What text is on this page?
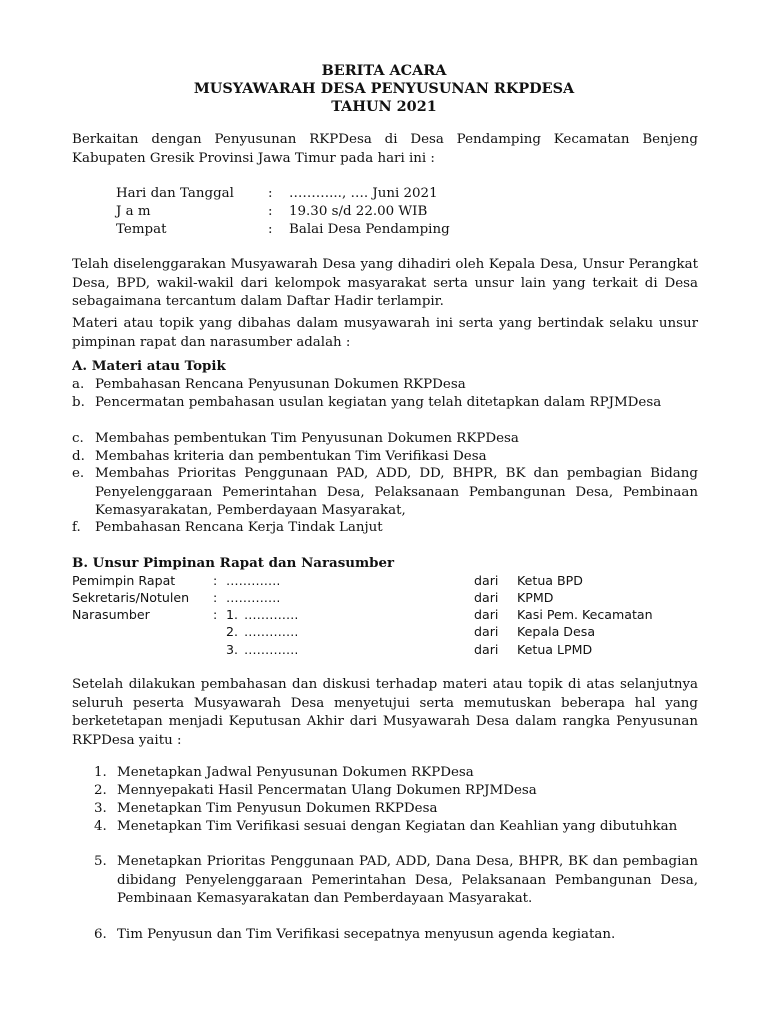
BERITA ACARA
MUSYAWARAH DESA PENYUSUNAN RKPDESA
TAHUN 2021

Berkaitan dengan Penyusunan RKPDesa di Desa Pendamping Kecamatan Benjeng Kabupaten Gresik Provinsi Jawa Timur pada hari ini :

Hari dan Tanggal	: ………..., …. Juni 2021
J a m	: 19.30 s/d 22.00 WIB
Tempat	: Balai Desa Pendamping

Telah diselenggarakan Musyawarah Desa yang dihadiri oleh Kepala Desa, Unsur Perangkat Desa, BPD, wakil-wakil dari kelompok masyarakat serta unsur lain yang terkait di Desa sebagaimana tercantum dalam Daftar Hadir terlampir.

Materi atau topik yang dibahas dalam musyawarah ini serta yang bertindak selaku unsur pimpinan rapat dan narasumber adalah :

A. Materi atau Topik
a. Pembahasan Rencana Penyusunan Dokumen RKPDesa
b. Pencermatan pembahasan usulan kegiatan yang telah ditetapkan dalam RPJMDesa
c. Membahas pembentukan Tim Penyusunan Dokumen RKPDesa
d. Membahas kriteria dan pembentukan Tim Verifikasi Desa
e. Membahas Prioritas Penggunaan PAD, ADD, DD, BHPR, BK dan pembagian Bidang Penyelenggaraan Pemerintahan Desa, Pelaksanaan Pembangunan Desa, Pembinaan Kemasyarakatan, Pemberdayaan Masyarakat,
f. Pembahasan Rencana Kerja Tindak Lanjut
B. Unsur Pimpinan Rapat dan Narasumber
Pemimpin Rapat	: ………….	dari Ketua BPD
Sekretaris/Notulen : ………….	dari KPMD
Narasumber	: 1. ………….	dari Kasi Pem. Kecamatan
2. ………….	dari Kepala Desa
3. ………….	dari Ketua LPMD

Setelah dilakukan pembahasan dan diskusi terhadap materi atau topik di atas selanjutnya seluruh peserta Musyawarah Desa menyetujui serta memutuskan beberapa hal yang berketetapan menjadi Keputusan Akhir dari Musyawarah Desa dalam rangka Penyusunan RKPDesa yaitu :

1. Menetapkan Jadwal Penyusunan Dokumen RKPDesa
2. Mennyepakati Hasil Pencermatan Ulang Dokumen RPJMDesa
3. Menetapkan Tim Penyusun Dokumen RKPDesa
4. Menetapkan Tim Verifikasi sesuai dengan Kegiatan dan Keahlian yang dibutuhkan
5. Menetapkan Prioritas Penggunaan PAD, ADD, Dana Desa, BHPR, BK dan pembagian dibidang Penyelenggaraan Pemerintahan Desa, Pelaksanaan Pembangunan Desa, Pembinaan Kemasyarakatan dan Pemberdayaan Masyarakat.
6. Tim Penyusun dan Tim Verifikasi secepatnya menyusun agenda kegiatan.
